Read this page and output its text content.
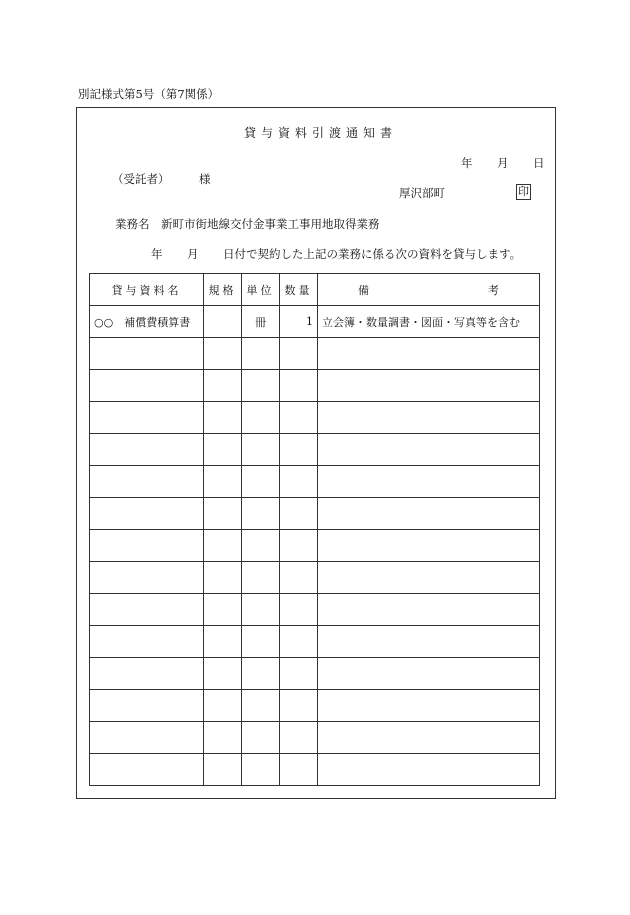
別記様式第5号（第7関係）
貸与資料引渡通知書
年 月 日
（受託者）	様
厚沢部町	印
業務名　新町市街地線交付金事業工事用地取得業務
年 月 日付で契約した上記の業務に係る次の資料を貸与します。
貸与資料名	規格	単位	数量	備 考

○○　補償費積算書		冊	1	立会簿・数量調書・図面・写真等を含む
